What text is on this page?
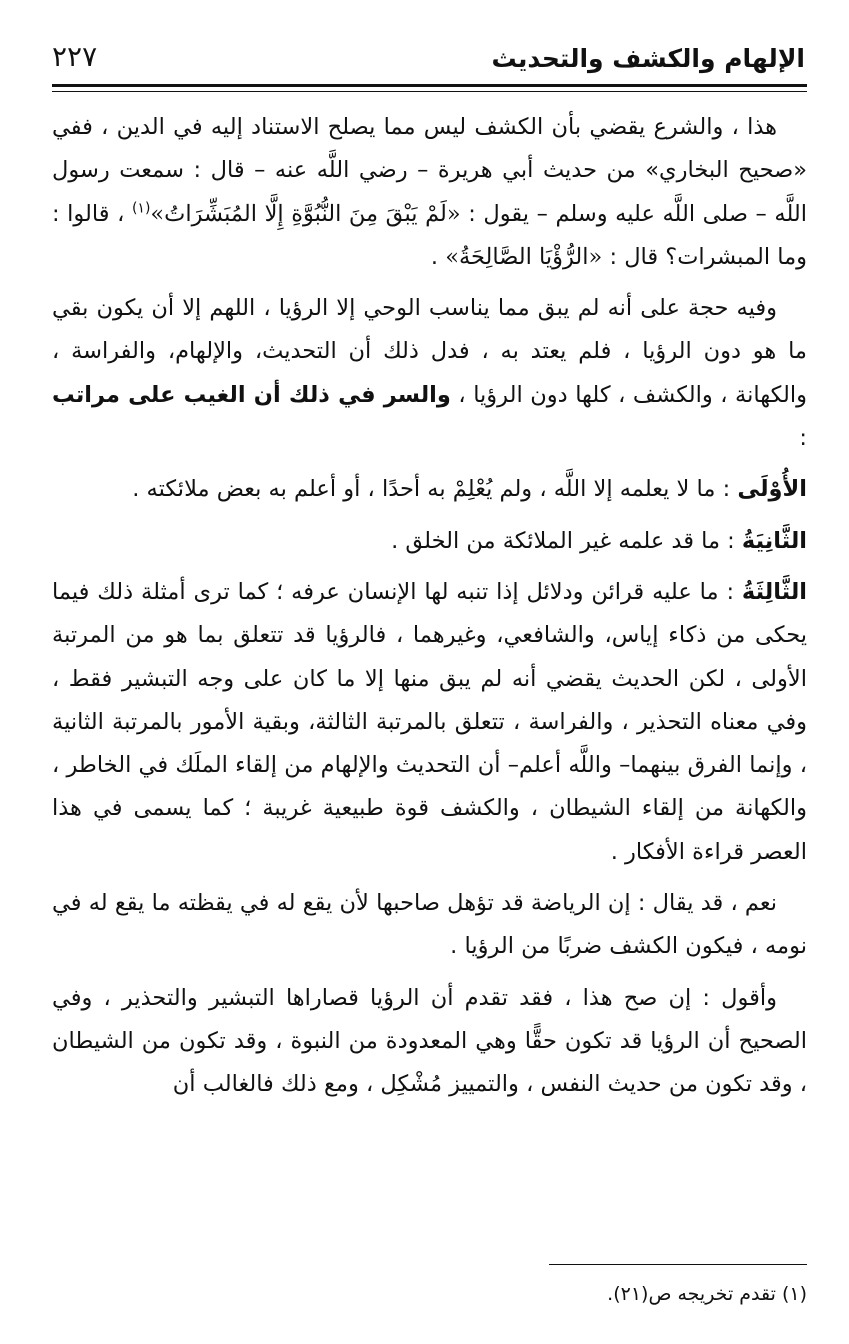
الإلهام والكشف والتحديث
٢٢٧

هذا ، والشرع يقضي بأن الكشف ليس مما يصلح الاستناد إليه في الدين ، ففي «صحيح البخاري» من حديث أبي هريرة – رضي اللَّه عنه – قال : سمعت رسول اللَّه – صلى اللَّه عليه وسلم – يقول : «لَمْ يَبْقَ مِنَ النُّبُوَّةِ إِلَّا المُبَشِّرَاتُ»$^{(١)}$ ، قالوا : وما المبشرات؟ قال : «الرُّؤْيَا الصَّالِحَةُ» .

وفيه حجة على أنه لم يبق مما يناسب الوحي إلا الرؤيا ، اللهم إلا أن يكون بقي ما هو دون الرؤيا ، فلم يعتد به ، فدل ذلك أن التحديث، والإلهام، والفراسة ، والكهانة ، والكشف ، كلها دون الرؤيا ، والسر في ذلك أن الغيب على مراتب :

الأُوْلَى : ما لا يعلمه إلا اللَّه ، ولم يُعْلِمْ به أحدًا ، أو أعلم به بعض ملائكته .

الثَّانِيَةُ : ما قد علمه غير الملائكة من الخلق .

الثَّالِثَةُ : ما عليه قرائن ودلائل إذا تنبه لها الإنسان عرفه ؛ كما ترى أمثلة ذلك فيما يحكى من ذكاء إياس، والشافعي، وغيرهما ، فالرؤيا قد تتعلق بما هو من المرتبة الأولى ، لكن الحديث يقضي أنه لم يبق منها إلا ما كان على وجه التبشير فقط ، وفي معناه التحذير ، والفراسة ، تتعلق بالمرتبة الثالثة، وبقية الأمور بالمرتبة الثانية ، وإنما الفرق بينهما– واللَّه أعلم– أن التحديث والإلهام من إلقاء الملَك في الخاطر ، والكهانة من إلقاء الشيطان ، والكشف قوة طبيعية غريبة ؛ كما يسمى في هذا العصر قراءة الأفكار .

نعم ، قد يقال : إن الرياضة قد تؤهل صاحبها لأن يقع له في يقظته ما يقع له في نومه ، فيكون الكشف ضربًا من الرؤيا .

وأقول : إن صح هذا ، فقد تقدم أن الرؤيا قصاراها التبشير والتحذير ، وفي الصحيح أن الرؤيا قد تكون حقًّا وهي المعدودة من النبوة ، وقد تكون من الشيطان ، وقد تكون من حديث النفس ، والتمييز مُشْكِل ، ومع ذلك فالغالب أن

(١) تقدم تخريجه ص(٢١).
